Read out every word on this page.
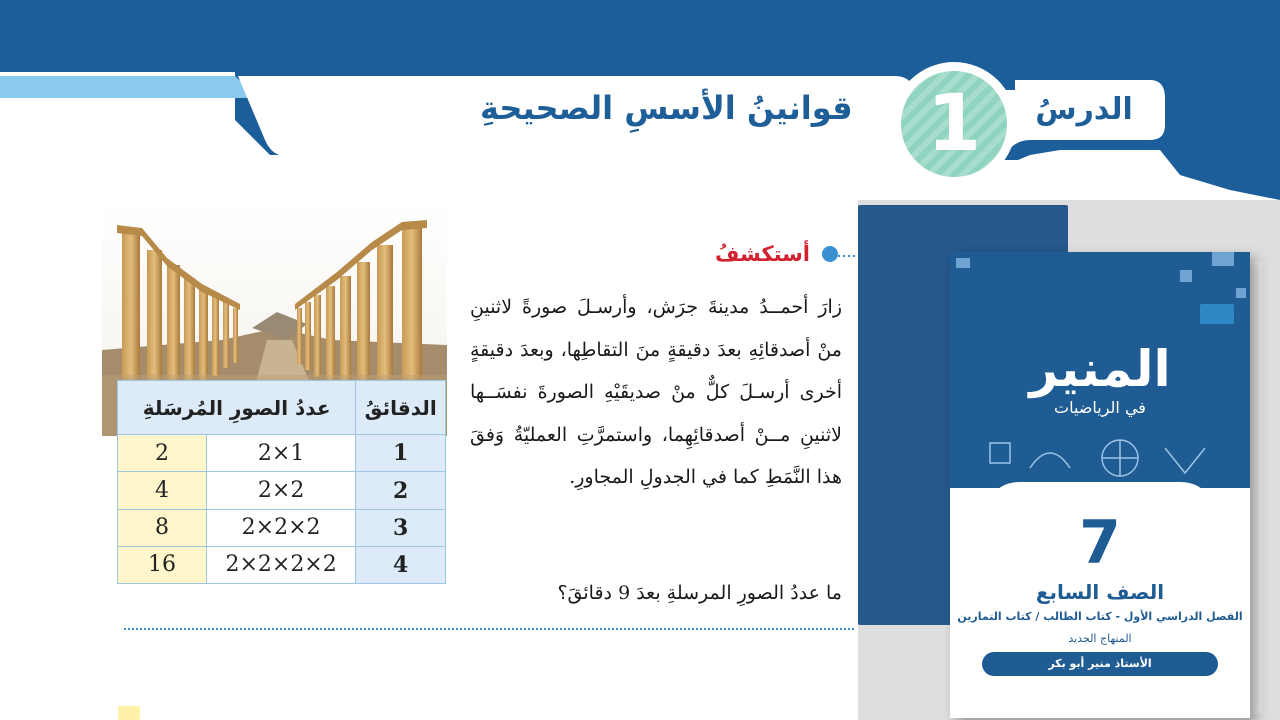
الدرسُ
1
قوانينُ الأسسِ الصحيحةِ
عددُ الصورِ المُرسَلةِ		الدقائقُ
2	2×1	1
4	2×2	2
8	2×2×2	3
16	2×2×2×2	4
أستكشفُ
زارَ أحمــدُ مدينةَ جرَش، وأرسـلَ صورةً لاثنينِ منْ أصدقائِهِ بعدَ دقيقةٍ منَ التقاطِها، وبعدَ دقيقةٍ أخرى أرسـلَ كلٌّ منْ صديقَيْهِ الصورةَ نفسَــها لاثنينِ مــنْ أصدقائِهِما، واستمرَّتِ العمليّةُ وَفقَ هذا النَّمَطِ كما في الجدولِ المجاورِ.
ما عددُ الصورِ المرسلةِ بعدَ 9 دقائقَ؟
المنير
في الرياضيات
7
الصف السابع
الفصل الدراسي الأول - كتاب الطالب / كتاب التمارين
المنهاج الجديد
الأستاذ منير أبو بكر
